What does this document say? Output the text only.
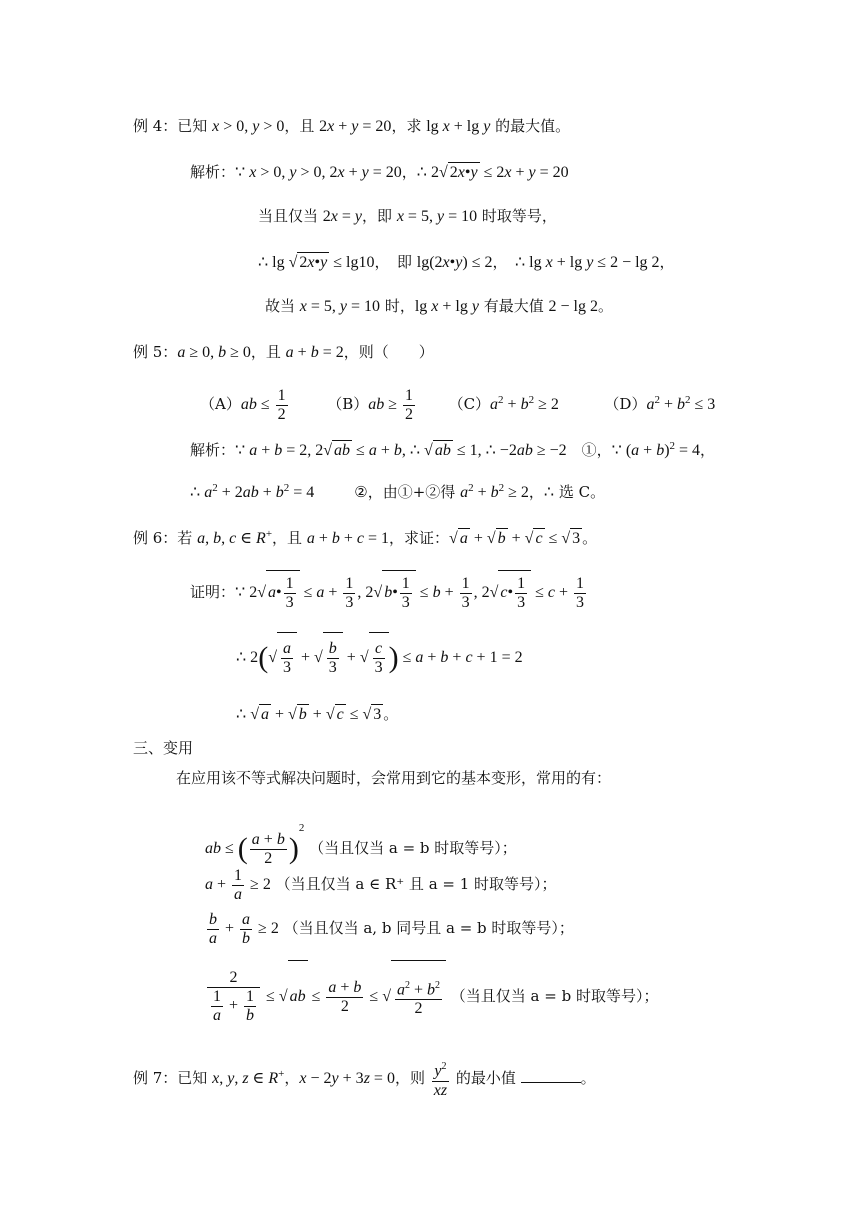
例 4：已知 x > 0, y > 0，且 2x + y = 20，求 lg x + lg y 的最大值。
解析：∵ x > 0, y > 0, 2x + y = 20，∴ 2√ 2x•y ≤ 2x + y = 20
当且仅当 2x = y，即 x = 5, y = 10 时取等号，
∴ lg √ 2x•y ≤ lg10，　即 lg(2x•y) ≤ 2，　∴ lg x + lg y ≤ 2 − lg 2，
故当 x = 5, y = 10 时，lg x + lg y 有最大值 2 − lg 2。
例 5：a ≥ 0, b ≥ 0，且 a + b = 2，则（　　）
$(A)ab \le \frac{1}{2}$	$(B)ab \ge \frac{1}{2} (C)a^2 + b^2 \ge 2$	$(D)a^2 + b^2 \le 3$
解析：∵ a + b = 2, 2√ ab ≤ a + b, ∴ √ ab ≤ 1, ∴ −2ab ≥ −2　①，∵ $(a + b)^2 = 4$，
∴ $a^2 + 2ab + b^2 = 4$	②，由①+②得 $a^2 + b^2 \ge 2$，∴ 选 C。
例 6：若 a, b, c ∈ R+，且 a + b + c = 1，求证：√ a + √ b + √ c ≤ √ 3 。
证明：∵ 2√ a• $\frac{1}{3} \le a + \frac{1}{3}$ , 2√ b• $\frac{1}{3} \le b + \frac{1}{3}$ , 2√ c• $\frac{1}{3} \le c + \frac{1}{3}$
∴ $2(√ \frac{a}{3}$ + √ $\frac{b}{3}$ + √ $\frac{c}{3}$ ) ≤ a + b + c + 1 = 2
∴ √ a + √ b + √ c ≤ √ 3 。
三、变用
在应用该不等式解决问题时，会常用到它的基本变形，常用的有：
ab ≤ ( $\frac{a + b}{2} )^2$ （当且仅当 a = b 时取等号）；
$a + \frac{1}{a} \ge 2$ （当且仅当 a ∈ R⁺ 且 a = 1 时取等号）；
$\frac{b}{a} + \frac{a}{b} \ge 2$ （当且仅当 a, b 同号且 a = b 时取等号）；
$\frac{2}{\frac{1}{a} + \frac{1}{b}}$ ≤ √ ab ≤ $\frac{a + b}{2}$ ≤ √ $\frac{a^2 + b^2}{2}$ （当且仅当 a = b 时取等号）；
例 7：已知 x, y, z ∈ R+，x − 2y + 3z = 0，则 $\frac{y^2}{xz}$ 的最小值	。
